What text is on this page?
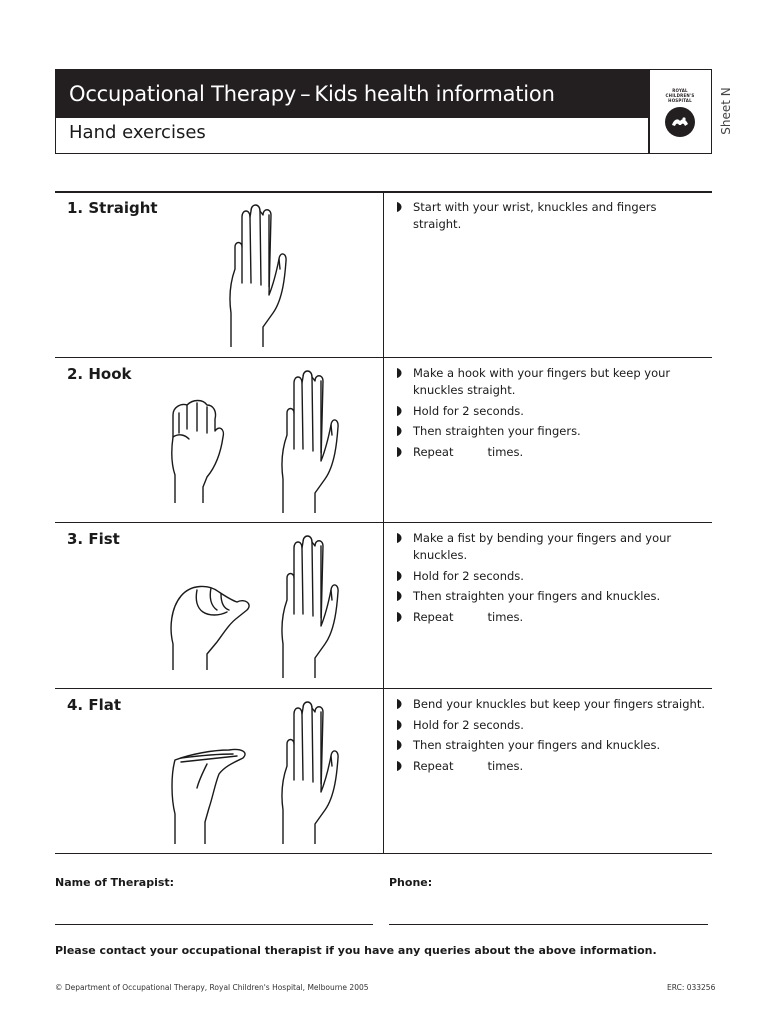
Occupational Therapy – Kids health information
Hand exercises
ROYAL
CHILDREN'S
HOSPITAL Sheet N
1. Straight	Start with your wrist, knuckles and fingers straight.
2. Hook	Make a hook with your fingers but keep your knuckles straight.
Hold for 2 seconds.
Then straighten your fingers.
Repeat	times.
3. Fist	Make a fist by bending your fingers and your knuckles.
Hold for 2 seconds.
Then straighten your fingers and knuckles.
Repeat	times.
4. Flat	Bend your knuckles but keep your fingers straight.
Hold for 2 seconds.
Then straighten your fingers and knuckles.
Repeat	times.
Name of Therapist:	Phone:
Please contact your occupational therapist if you have any queries about the above information.
© Department of Occupational Therapy, Royal Children's Hospital, Melbourne 2005	ERC: 033256
